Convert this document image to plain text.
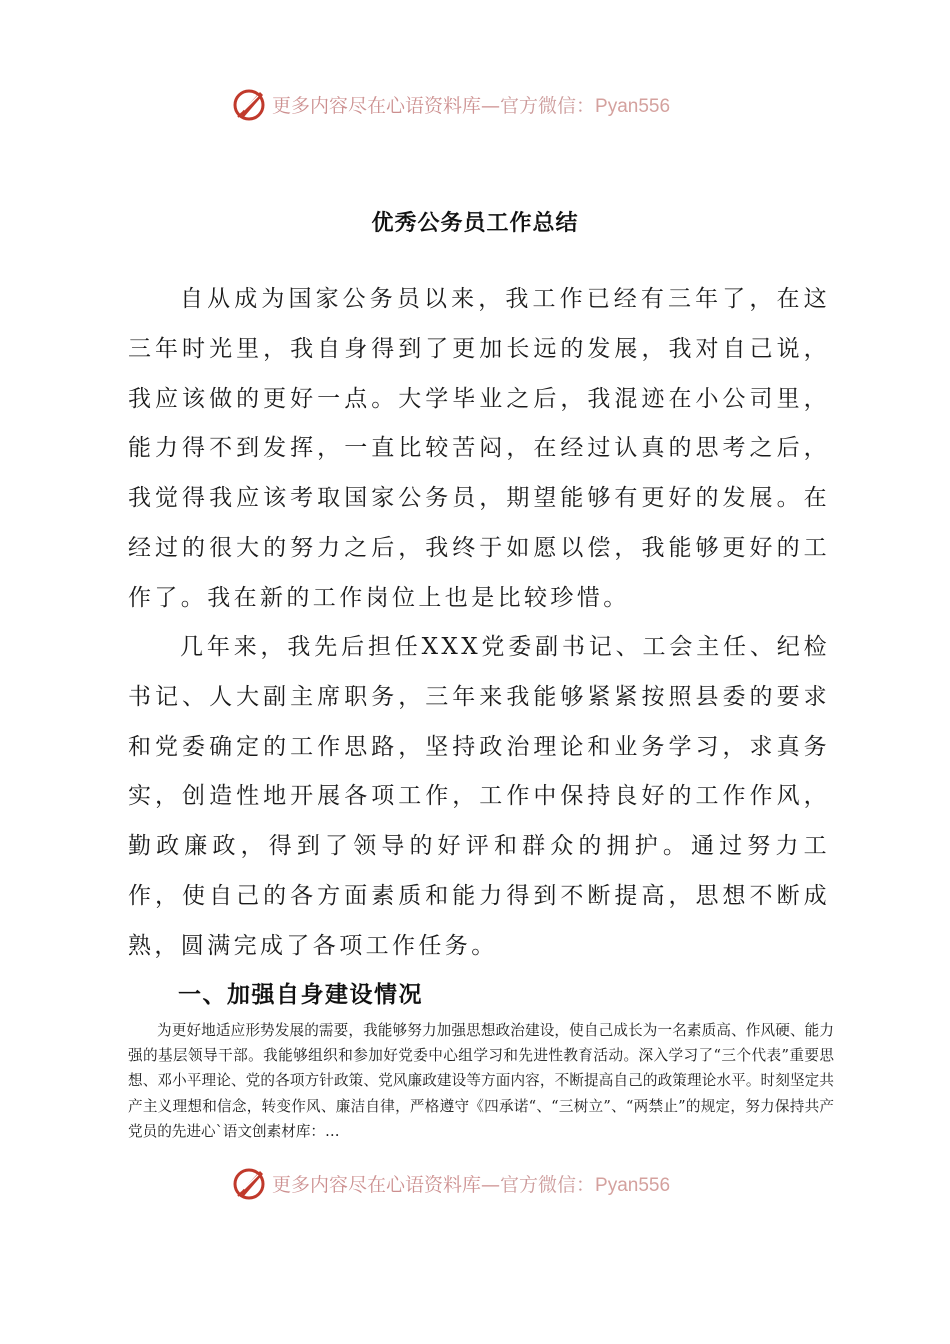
更多内容尽在心语资料库—官方微信：Pyan556
优秀公务员工作总结

自从成为国家公务员以来，我工作已经有三年了，在这三年时光里，我自身得到了更加长远的发展，我对自己说，我应该做的更好一点。大学毕业之后，我混迹在小公司里，能力得不到发挥，一直比较苦闷，在经过认真的思考之后，我觉得我应该考取国家公务员，期望能够有更好的发展。在经过的很大的努力之后，我终于如愿以偿，我能够更好的工作了。我在新的工作岗位上也是比较珍惜。

几年来，我先后担任XXX党委副书记、工会主任、纪检书记、人大副主席职务，三年来我能够紧紧按照县委的要求和党委确定的工作思路，坚持政治理论和业务学习，求真务实，创造性地开展各项工作，工作中保持良好的工作作风，勤政廉政，得到了领导的好评和群众的拥护。通过努力工作，使自己的各方面素质和能力得到不断提高，思想不断成熟，圆满完成了各项工作任务。

一、加强自身建设情况

为更好地适应形势发展的需要，我能够努力加强思想政治建设，使自己成长为一名素质高、作风硬、能力强的基层领导干部。我能够组织和参加好党委中心组学习和先进性教育活动。深入学习了“三个代表”重要思想、邓小平理论、党的各项方针政策、党风廉政建设等方面内容，不断提高自己的政策理论水平。时刻坚定共产主义理想和信念，转变作风、廉洁自律，严格遵守《四承诺“、“三树立”、“两禁止”的规定，努力保持共产党员的先进心`语文创素材库：…

更多内容尽在心语资料库—官方微信：Pyan556
